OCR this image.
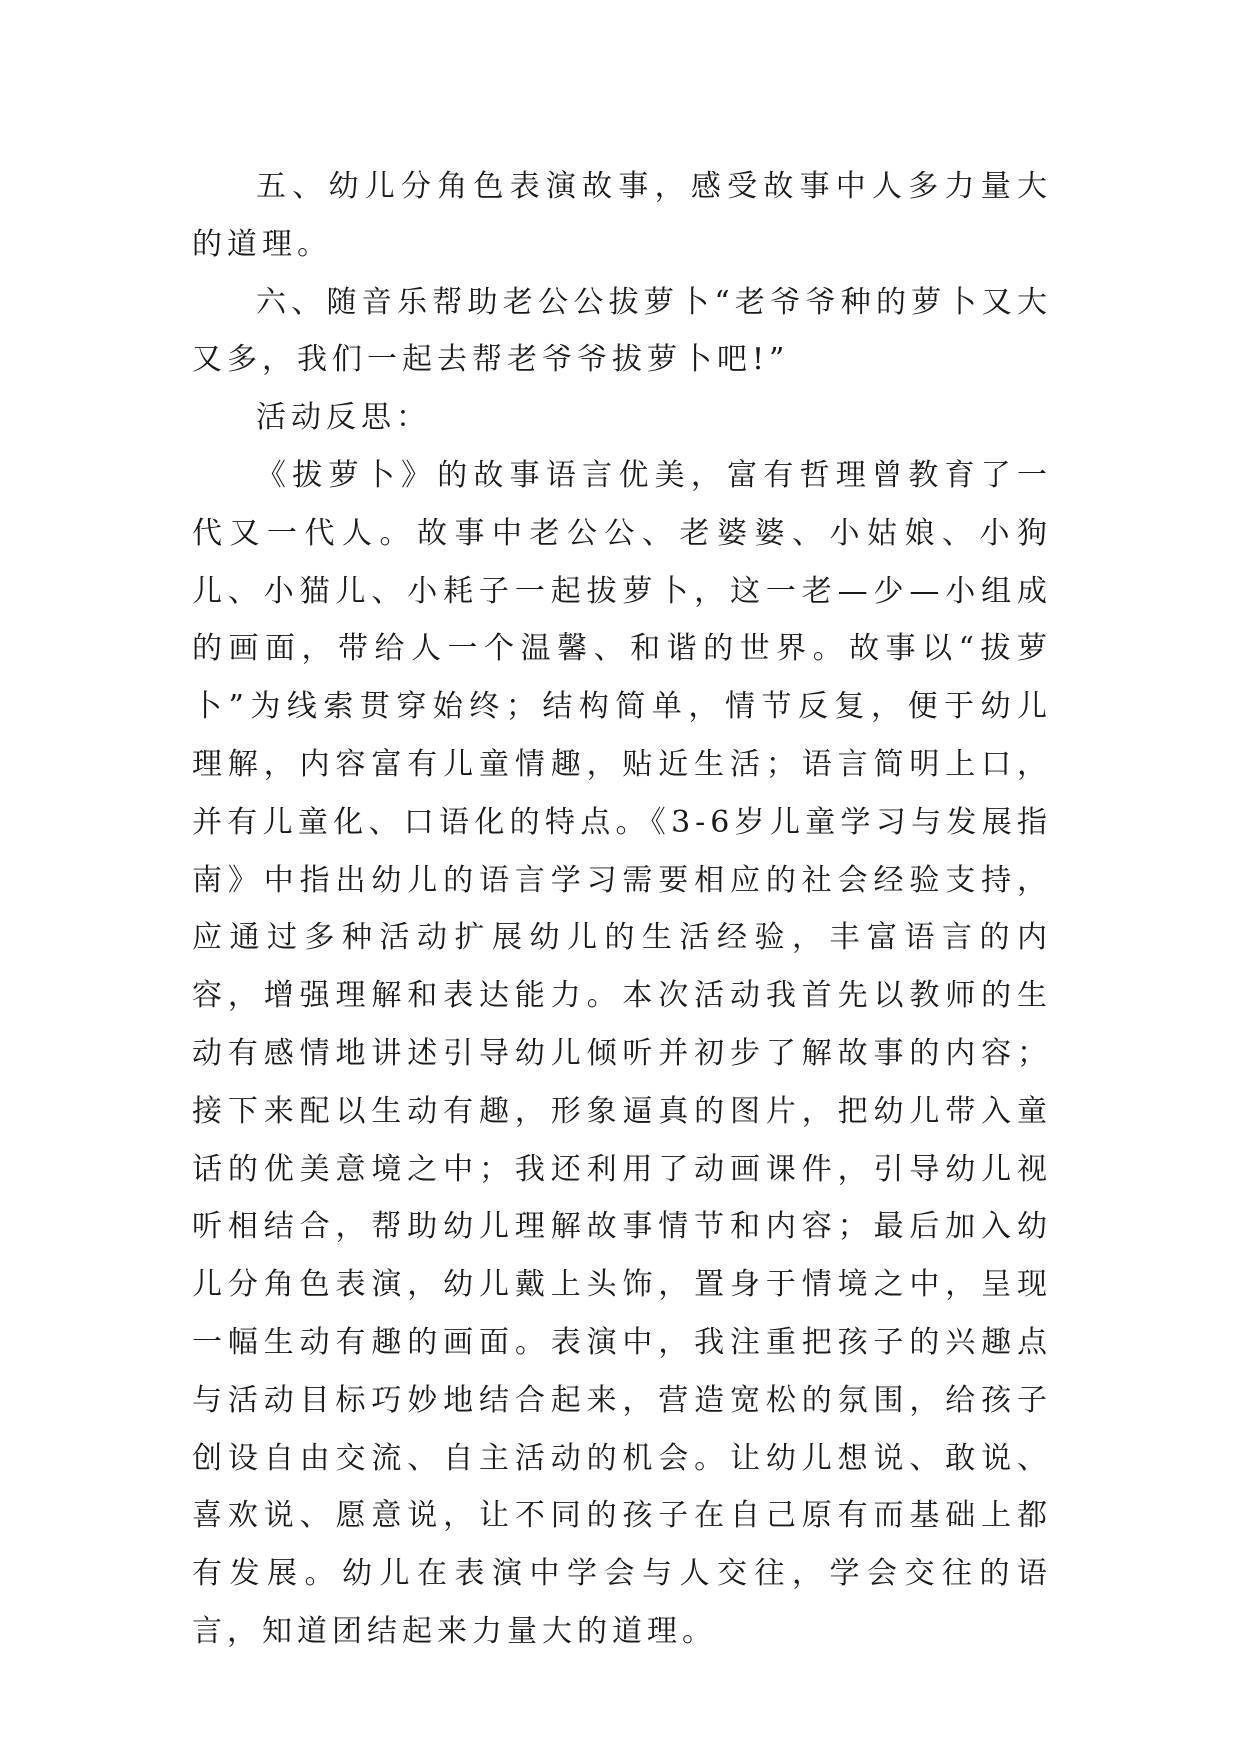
五、幼儿分角色表演故事，感受故事中人多力量大的道理。

六、随音乐帮助老公公拔萝卜“老爷爷种的萝卜又大又多，我们一起去帮老爷爷拔萝卜吧!”

活动反思：

《拔萝卜》的故事语言优美，富有哲理曾教育了一代又一代人。故事中老公公、老婆婆、小姑娘、小狗儿、小猫儿、小耗子一起拔萝卜，这一老—少—小组成的画面，带给人一个温馨、和谐的世界。故事以“拔萝卜”为线索贯穿始终；结构简单，情节反复，便于幼儿理解，内容富有儿童情趣，贴近生活；语言简明上口，并有儿童化、口语化的特点。《3-6岁儿童学习与发展指南》中指出幼儿的语言学习需要相应的社会经验支持，应通过多种活动扩展幼儿的生活经验，丰富语言的内容，增强理解和表达能力。本次活动我首先以教师的生动有感情地讲述引导幼儿倾听并初步了解故事的内容；接下来配以生动有趣，形象逼真的图片，把幼儿带入童话的优美意境之中；我还利用了动画课件，引导幼儿视听相结合，帮助幼儿理解故事情节和内容；最后加入幼儿分角色表演，幼儿戴上头饰，置身于情境之中，呈现一幅生动有趣的画面。表演中，我注重把孩子的兴趣点与活动目标巧妙地结合起来，营造宽松的氛围，给孩子创设自由交流、自主活动的机会。让幼儿想说、敢说、喜欢说、愿意说，让不同的孩子在自己原有而基础上都有发展。幼儿在表演中学会与人交往，学会交往的语言，知道团结起来力量大的道理。
